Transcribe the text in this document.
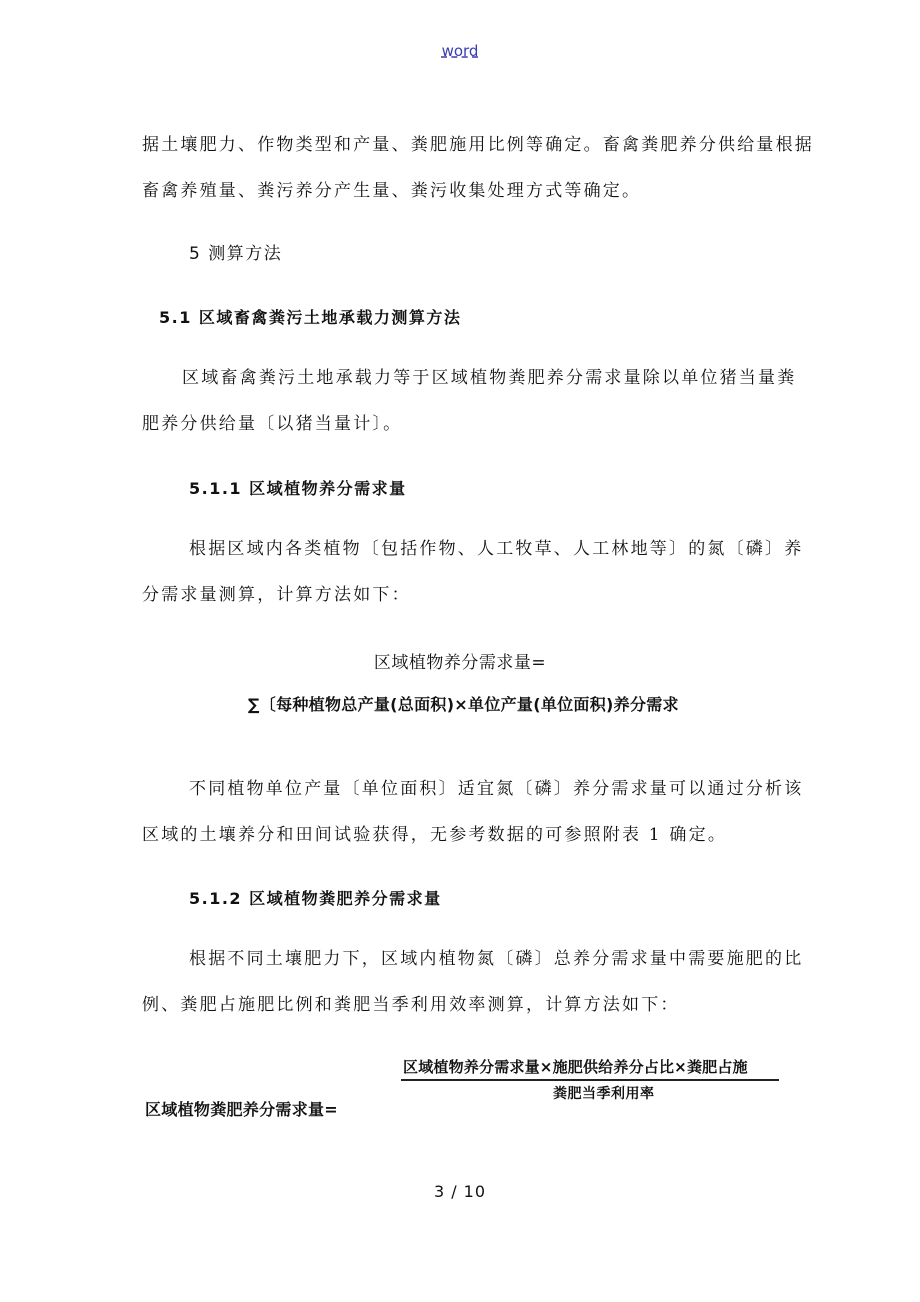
word
据土壤肥力、作物类型和产量、粪肥施用比例等确定。畜禽粪肥养分供给量根据
畜禽养殖量、粪污养分产生量、粪污收集处理方式等确定。
5 测算方法
5.1 区域畜禽粪污土地承载力测算方法
区域畜禽粪污土地承载力等于区域植物粪肥养分需求量除以单位猪当量粪
肥养分供给量〔以猪当量计〕。
5.1.1 区域植物养分需求量
根据区域内各类植物〔包括作物、人工牧草、人工林地等〕的氮〔磷〕养
分需求量测算，计算方法如下：
区域植物养分需求量=
∑〔每种植物总产量(总面积)×单位产量(单位面积)养分需求
不同植物单位产量〔单位面积〕适宜氮〔磷〕养分需求量可以通过分析该
区域的土壤养分和田间试验获得，无参考数据的可参照附表 1 确定。
5.1.2 区域植物粪肥养分需求量
根据不同土壤肥力下，区域内植物氮〔磷〕总养分需求量中需要施肥的比
例、粪肥占施肥比例和粪肥当季利用效率测算，计算方法如下：
区域植物养分需求量×施肥供给养分占比×粪肥占施
粪肥当季利用率
区域植物粪肥养分需求量=
3 / 10
